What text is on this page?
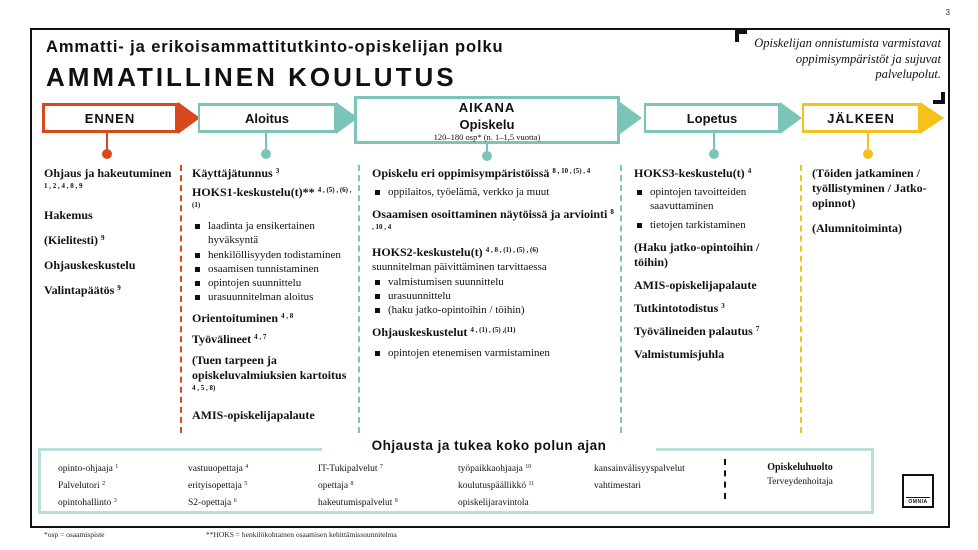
3
Ammatti- ja erikoisammattitutkinto-opiskelijan polku
AMMATILLINEN KOULUTUS
Opiskelijan onnistumista varmistavat oppimisympäristöt ja sujuvat palvelupolut.
ENNEN	Aloitus
AIKANA
Opiskelu
120–180 osp* (n. 1–1,5 vuotta)
Lopetus	JÄLKEEN
Ohjaus ja hakeutuminen $^{1 , 2 , 4 , 8 , 9}$
Hakemus
(Kielitesti) $^9$
Ohjauskeskustelu
Valintapäätös $^9$
Käyttäjätunnus $^3$
HOKS1-keskustelu(t)** $^{4 , (5) , (6) , (1)}$
laadinta ja ensikertainen hyväksyntä
henkilöllisyyden todistaminen
osaamisen tunnistaminen
opintojen suunnittelu
urasuunnitelman aloitus
Orientoituminen $^{4 , 8}$
Työvälineet $^{4 , 7}$
(Tuen tarpeen ja opiskeluvalmiuksien kartoitus $^{4 , 5 , 8)}$
AMIS-opiskelijapalaute
Opiskelu eri oppimisympäristöissä $^{8 , 10 , (5) , 4}$
oppilaitos, työelämä, verkko ja muut
Osaamisen osoittaminen näytöissä ja arviointi $^{8 , 10 , 4}$
HOKS2-keskustelu(t) $^{4 , 8 , (1) , (5) , (6)}$
suunnitelman päivittäminen tarvittaessa
valmistumisen suunnittelu
urasuunnittelu
(haku jatko-opintoihin / töihin)
Ohjauskeskustelut $^{4 , (1) , (5) ,(11)}$
opintojen etenemisen varmistaminen
HOKS3-keskustelu(t) $^4$
opintojen tavoitteiden saavuttaminen
tietojen tarkistaminen
(Haku jatko-opintoihin / töihin)
AMIS-opiskelijapalaute
Tutkintotodistus $^3$
Työvälineiden palautus $^7$
Valmistumisjuhla
(Töiden jatkaminen / työllistyminen / Jatko-opinnot)
(Alumnitoiminta)
Ohjausta ja tukea koko polun ajan
opinto-ohjaaja $^1$
Palvelutori $^2$
opintohallinto $^3$
vastuuopettaja $^4$
erityisopettaja $^5$
S2-opettaja $^6$
IT-Tukipalvelut $^7$
opettaja $^8$
hakeutumispalvelut $^9$
työpaikkaohjaaja $^{10}$
koulutuspäällikkö $^{11}$
opiskelijaravintola
kansainvälisyyspalvelut
vahtimestari
Opiskeluhuolto
Terveydenhoitaja
OMNIA
*osp = osaamispiste	**HOKS = henkilökohtainen osaamisen kehittämissuunnitelma
